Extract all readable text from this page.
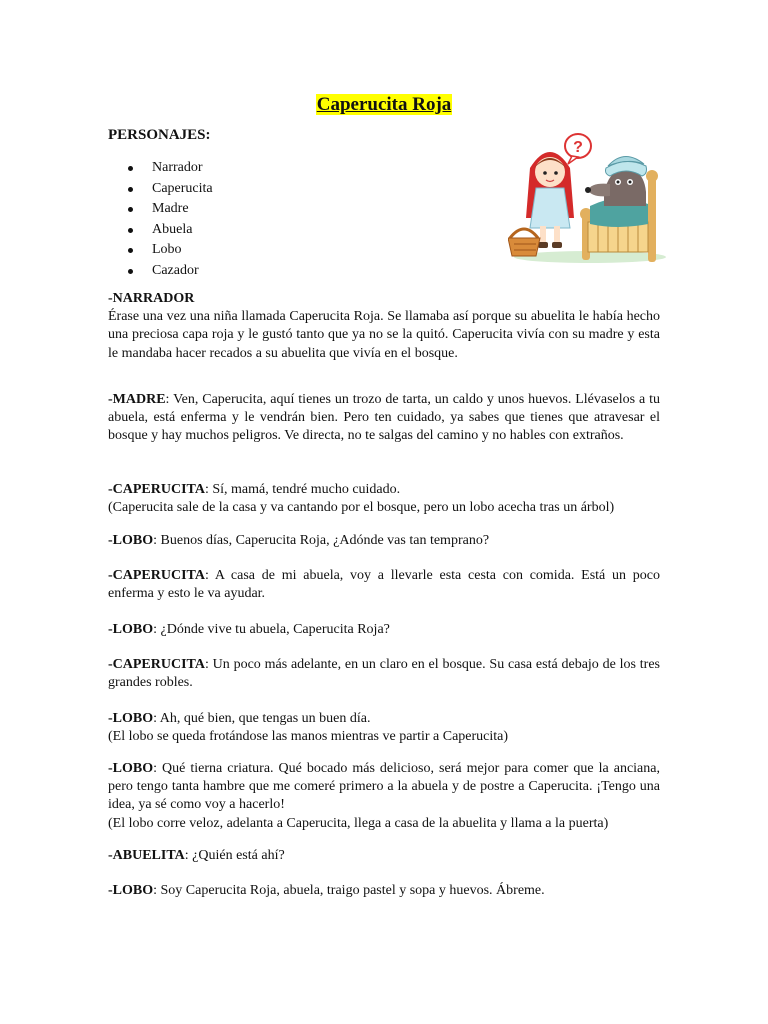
Caperucita Roja
PERSONAJES:
Narrador
Caperucita
Madre
Abuela
Lobo
Cazador
?

-NARRADOR

Érase una vez una niña llamada Caperucita Roja. Se llamaba así porque su abuelita le había hecho una preciosa capa roja y le gustó tanto que ya no se la quitó. Caperucita vivía con su madre y esta le mandaba hacer recados a su abuelita que vivía en el bosque.

-MADRE: Ven, Caperucita, aquí tienes un trozo de tarta, un caldo y unos huevos. Llévaselos a tu abuela, está enferma y le vendrán bien. Pero ten cuidado, ya sabes que tienes que atravesar el bosque y hay muchos peligros. Ve directa, no te salgas del camino y no hables con extraños.

-CAPERUCITA: Sí, mamá, tendré mucho cuidado.

(Caperucita sale de la casa y va cantando por el bosque, pero un lobo acecha tras un árbol)

-LOBO: Buenos días, Caperucita Roja, ¿Adónde vas tan temprano?

-CAPERUCITA: A casa de mi abuela, voy a llevarle esta cesta con comida. Está un poco enferma y esto le va ayudar.

-LOBO: ¿Dónde vive tu abuela, Caperucita Roja?

-CAPERUCITA: Un poco más adelante, en un claro en el bosque. Su casa está debajo de los tres grandes robles.

-LOBO: Ah, qué bien, que tengas un buen día.

(El lobo se queda frotándose las manos mientras ve partir a Caperucita)

-LOBO: Qué tierna criatura. Qué bocado más delicioso, será mejor para comer que la anciana, pero tengo tanta hambre que me comeré primero a la abuela y de postre a Caperucita. ¡Tengo una idea, ya sé como voy a hacerlo!

(El lobo corre veloz, adelanta a Caperucita, llega a casa de la abuelita y llama a la puerta)

-ABUELITA: ¿Quién está ahí?

-LOBO: Soy Caperucita Roja, abuela, traigo pastel y sopa y huevos. Ábreme.
